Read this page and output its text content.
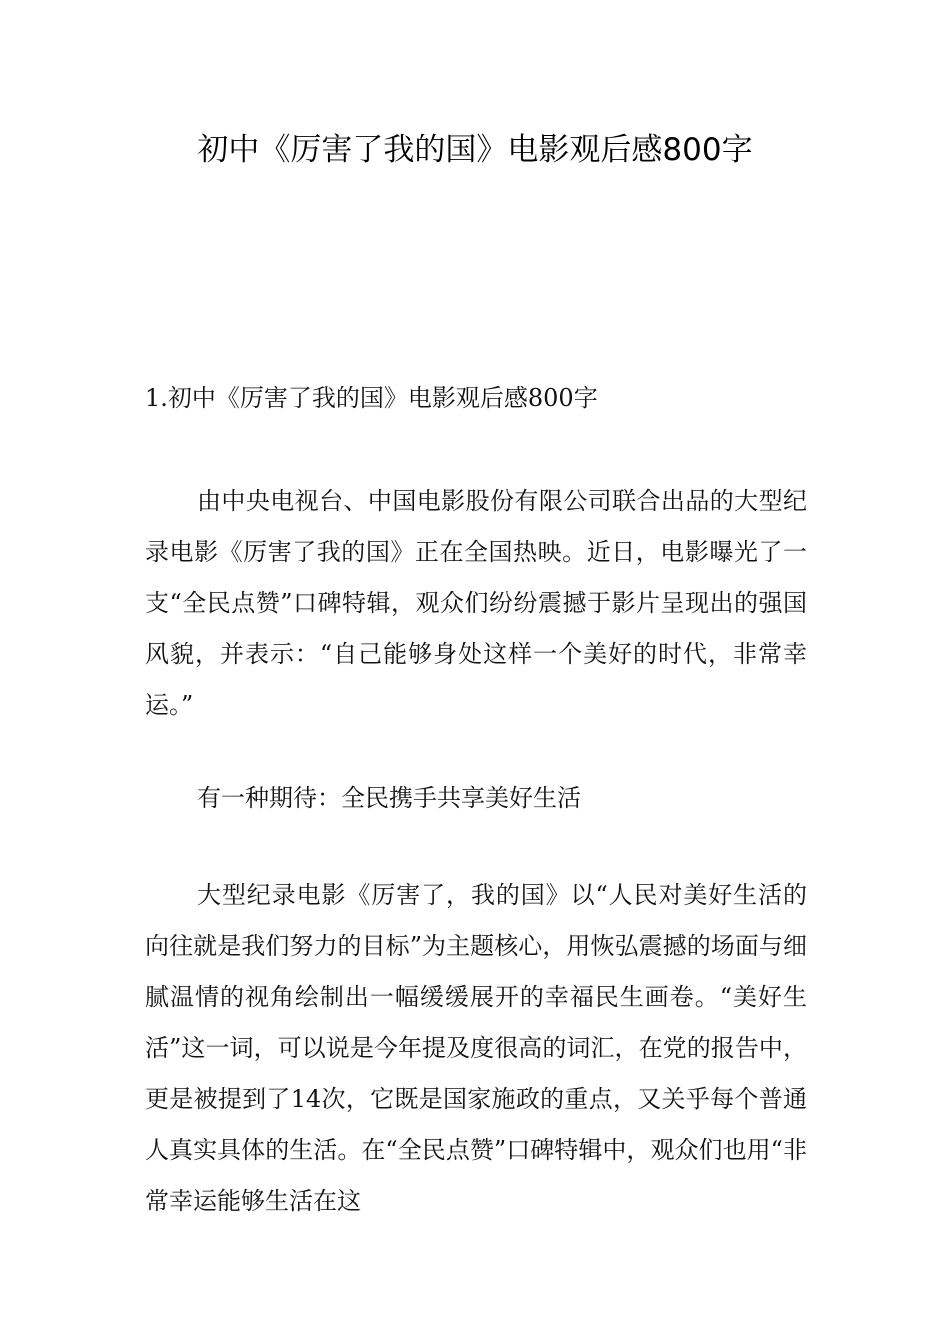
初中《厉害了我的国》电影观后感800字

1.初中《厉害了我的国》电影观后感800字

由中央电视台、中国电影股份有限公司联合出品的大型纪录电影《厉害了我的国》正在全国热映。近日，电影曝光了一支“全民点赞”口碑特辑，观众们纷纷震撼于影片呈现出的强国风貌，并表示：“自己能够身处这样一个美好的时代，非常幸运。”

有一种期待：全民携手共享美好生活

大型纪录电影《厉害了，我的国》以“人民对美好生活的向往就是我们努力的目标”为主题核心，用恢弘震撼的场面与细腻温情的视角绘制出一幅缓缓展开的幸福民生画卷。“美好生活”这一词，可以说是今年提及度很高的词汇，在党的报告中，更是被提到了14次，它既是国家施政的重点，又关乎每个普通人真实具体的生活。在“全民点赞”口碑特辑中，观众们也用“非常幸运能够生活在这
